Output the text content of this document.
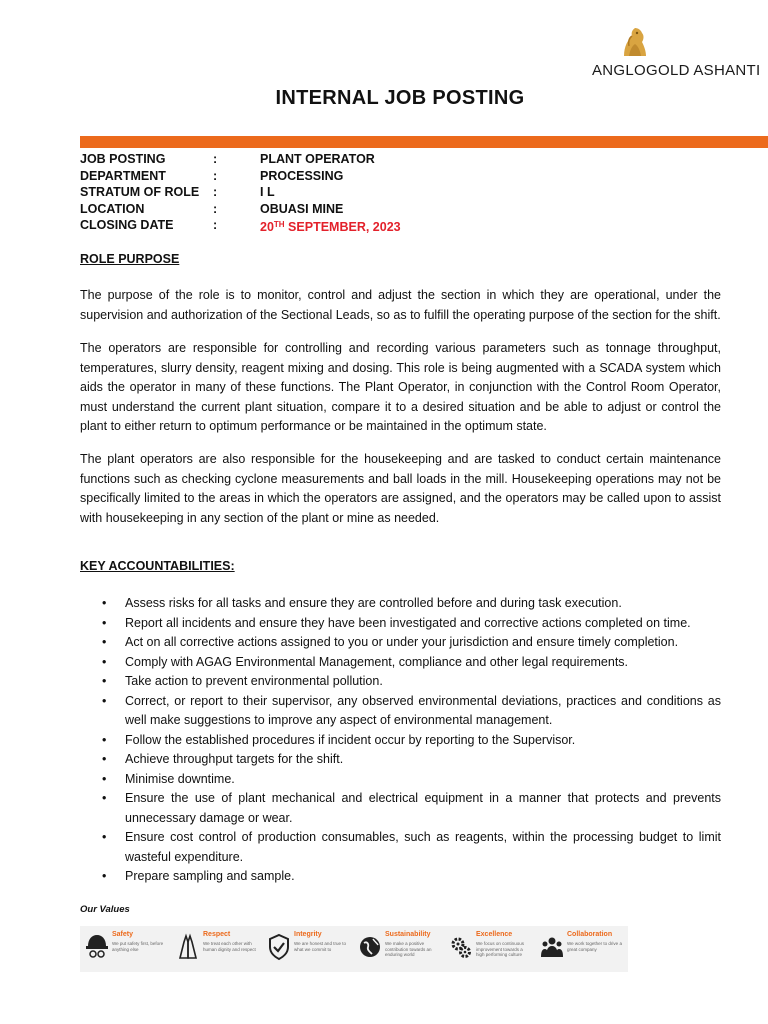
ANGLOGOLD ASHANTI
INTERNAL JOB POSTING
JOB POSTING	:	PLANT OPERATOR
DEPARTMENT	:	PROCESSING
STRATUM OF ROLE :	I L
LOCATION	:	OBUASI MINE
CLOSING DATE	:	20TH SEPTEMBER, 2023
ROLE PURPOSE
The purpose of the role is to monitor, control and adjust the section in which they are operational, under the supervision and authorization of the Sectional Leads, so as to fulfill the operating purpose of the section for the shift.
The operators are responsible for controlling and recording various parameters such as tonnage throughput, temperatures, slurry density, reagent mixing and dosing. This role is being augmented with a SCADA system which aids the operator in many of these functions. The Plant Operator, in conjunction with the Control Room Operator, must understand the current plant situation, compare it to a desired situation and be able to adjust or control the plant to either return to optimum performance or be maintained in the optimum state.
The plant operators are also responsible for the housekeeping and are tasked to conduct certain maintenance functions such as checking cyclone measurements and ball loads in the mill. Housekeeping operations may not be specifically limited to the areas in which the operators are assigned, and the operators may be called upon to assist with housekeeping in any section of the plant or mine as needed.
KEY ACCOUNTABILITIES:
• Assess risks for all tasks and ensure they are controlled before and during task execution.
• Report all incidents and ensure they have been investigated and corrective actions completed on time.
• Act on all corrective actions assigned to you or under your jurisdiction and ensure timely completion.
• Comply with AGAG Environmental Management, compliance and other legal requirements.
• Take action to prevent environmental pollution.
• Correct, or report to their supervisor, any observed environmental deviations, practices and conditions as well make suggestions to improve any aspect of environmental management.
• Follow the established procedures if incident occur by reporting to the Supervisor.
• Achieve throughput targets for the shift.
• Minimise downtime.
• Ensure the use of plant mechanical and electrical equipment in a manner that protects and prevents unnecessary damage or wear.
• Ensure cost control of production consumables, such as reagents, within the processing budget to limit wasteful expenditure.
• Prepare sampling and sample.
Our Values
Safety
We put safety first, before anything else
Respect
We treat each other with human dignity and respect
Integrity
We are honest and true to what we commit to
Sustainability
We make a positive contribution towards an enduring world
Excellence
We focus on continuous improvement towards a high performing culture
Collaboration
We work together to drive a great company
